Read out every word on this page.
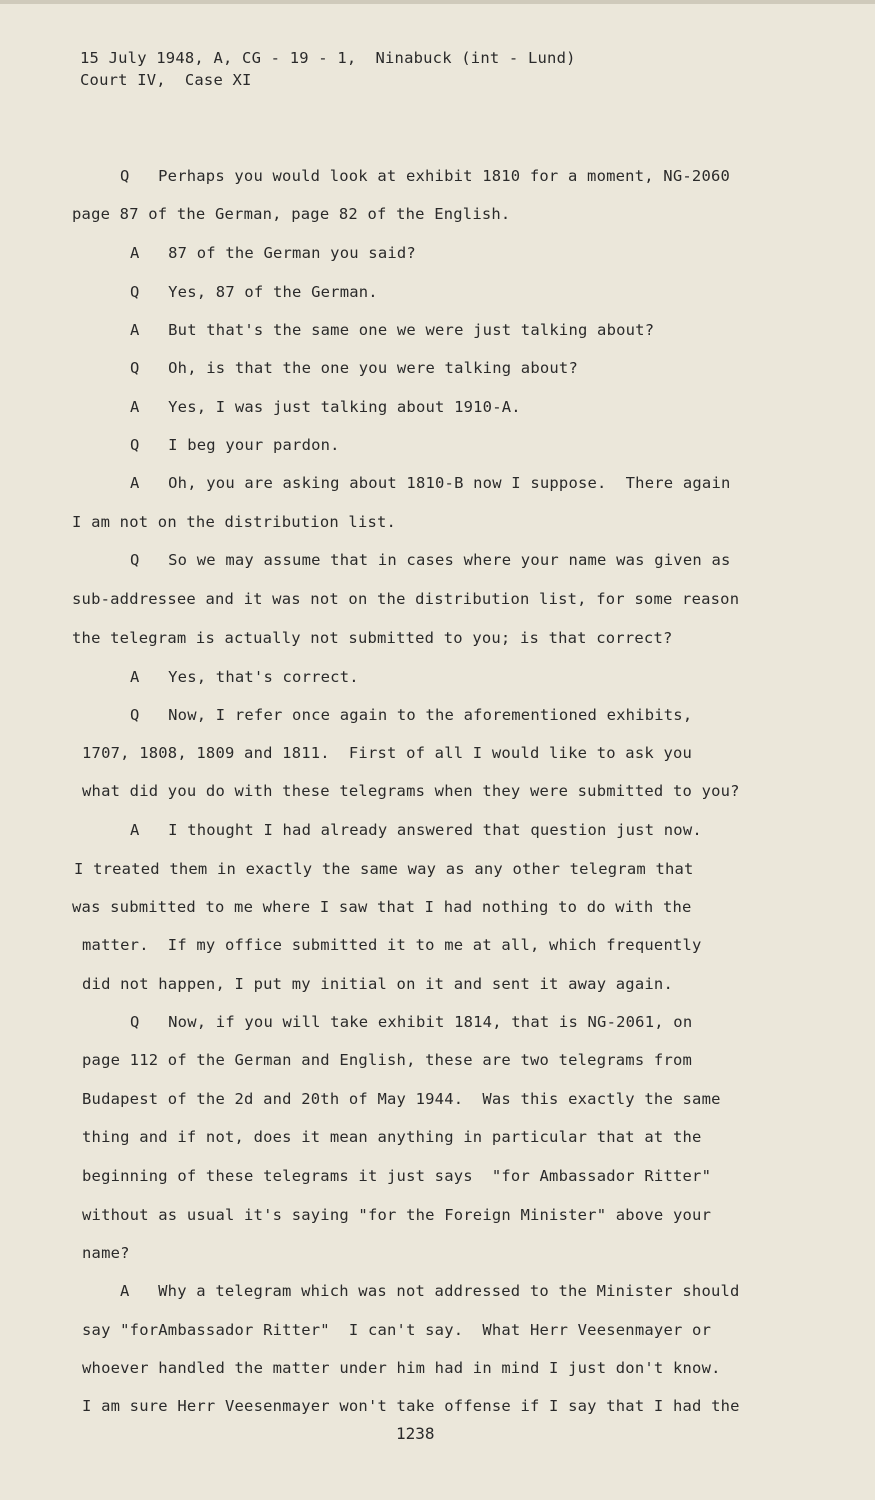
15 July 1948, A, CG - 19 - 1,  Ninabuck (int - Lund)
Court IV,  Case XI
Q   Perhaps you would look at exhibit 1810 for a moment, NG-2060
page 87 of the German, page 82 of the English.
A   87 of the German you said?
Q   Yes, 87 of the German.
A   But that's the same one we were just talking about?
Q   Oh, is that the one you were talking about?
A   Yes, I was just talking about 1910-A.
Q   I beg your pardon.
A   Oh, you are asking about 1810-B now I suppose.  There again
I am not on the distribution list.
Q   So we may assume that in cases where your name was given as
sub-addressee and it was not on the distribution list, for some reason
the telegram is actually not submitted to you; is that correct?
A   Yes, that's correct.
Q   Now, I refer once again to the aforementioned exhibits,
1707, 1808, 1809 and 1811.  First of all I would like to ask you
what did you do with these telegrams when they were submitted to you?
A   I thought I had already answered that question just now.
I treated them in exactly the same way as any other telegram that
was submitted to me where I saw that I had nothing to do with the
matter.  If my office submitted it to me at all, which frequently
did not happen, I put my initial on it and sent it away again.
Q   Now, if you will take exhibit 1814, that is NG-2061, on
page 112 of the German and English, these are two telegrams from
Budapest of the 2d and 20th of May 1944.  Was this exactly the same
thing and if not, does it mean anything in particular that at the
beginning of these telegrams it just says  "for Ambassador Ritter"
without as usual it's saying "for the Foreign Minister" above your
name?
A   Why a telegram which was not addressed to the Minister should
say "forAmbassador Ritter"  I can't say.  What Herr Veesenmayer or
whoever handled the matter under him had in mind I just don't know.
I am sure Herr Veesenmayer won't take offense if I say that I had the
1238
